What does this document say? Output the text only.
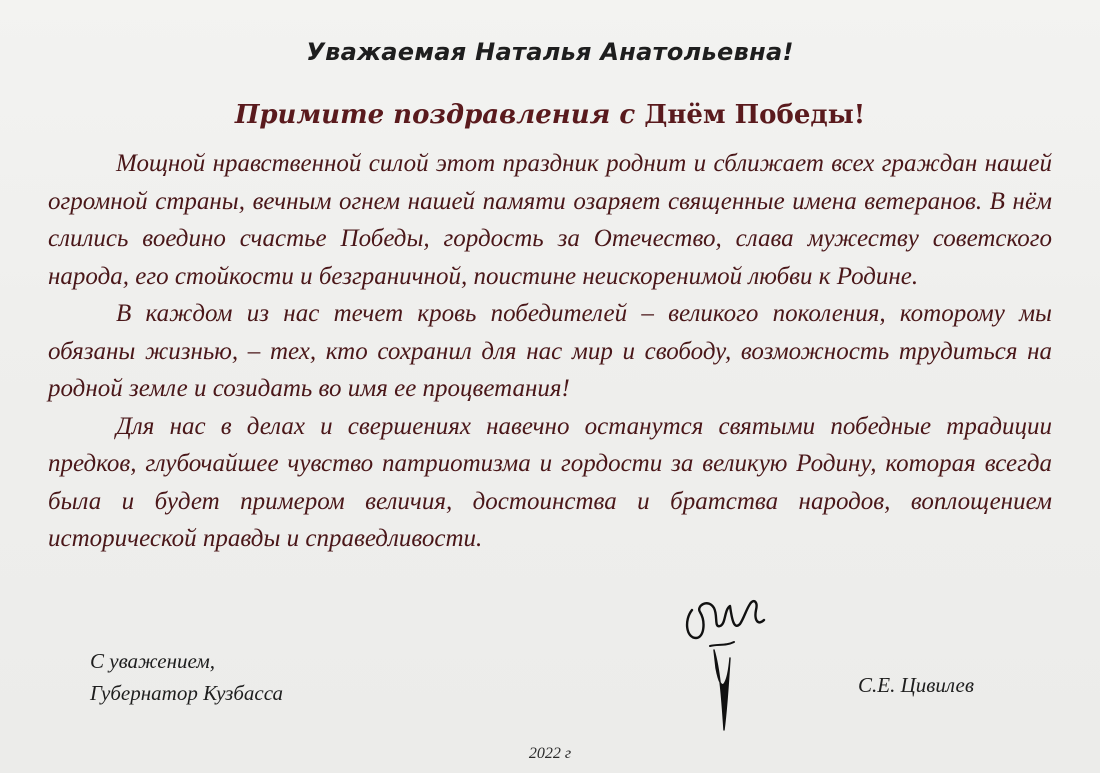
Уважаемая Наталья Анатольевна!
Примите поздравления с Днём Победы!

Мощной нравственной силой этот праздник роднит и сближает всех граждан нашей огромной страны, вечным огнем нашей памяти озаряет священные имена ветеранов. В нём слились воедино счастье Победы, гордость за Отечество, слава мужеству советского народа, его стойкости и безграничной, поистине неискоренимой любви к Родине.

В каждом из нас течет кровь победителей – великого поколения, которому мы обязаны жизнью, – тех, кто сохранил для нас мир и свободу, возможность трудиться на родной земле и созидать во имя ее процветания!

Для нас в делах и свершениях навечно останутся святыми победные традиции предков, глубочайшее чувство патриотизма и гордости за великую Родину, которая всегда была и будет примером величия, достоинства и братства народов, воплощением исторической правды и справедливости.

С уважением,
Губернатор Кузбасса	С.Е. Цивилев
2022 г
